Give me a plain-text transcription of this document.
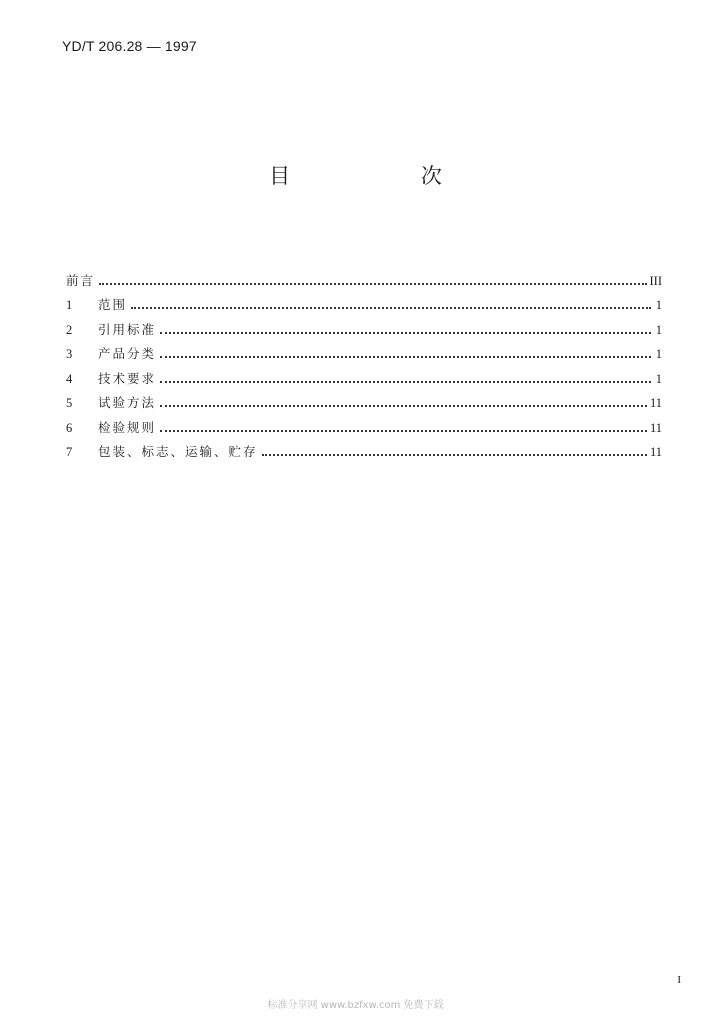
YD/T 206.28 — 1997
目 次
前言	III
1	范围	1
2	引用标准	1
3	产品分类	1
4	技术要求	1
5	试验方法	11
6	检验规则	11
7	包装、标志、运输、贮存	11
I
标准分享网 www.bzfxw.com 免费下载
